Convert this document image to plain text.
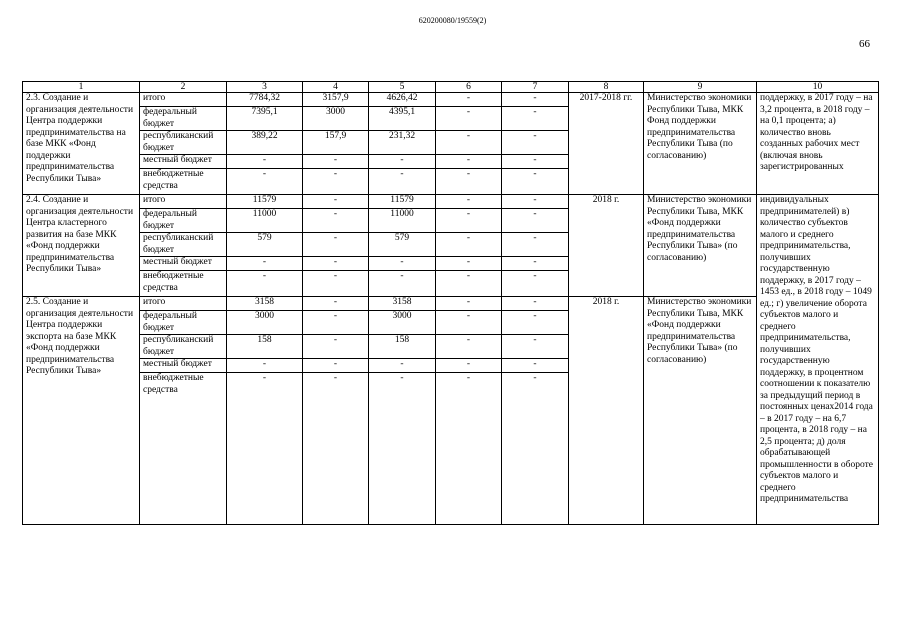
620200080/19559(2)
66
1	2	3	4	5	6	7	8	9	10
2.3. Создание и организация деятельности Центра поддержки предпринимательства на базе МКК «Фонд поддержки предпринимательства Республики Тыва»	итого	7784,32	3157,9	4626,42	-	-	2017-2018 гг.	Министерство экономики Республики Тыва, МКК Фонд поддержки предпринимательства Республики Тыва (по согласованию)	поддержку, в 2017 году – на 3,2 процента, в 2018 году – на 0,1 процента; а) количество вновь созданных рабочих мест (включая вновь зарегистрированных
	федеральный бюджет	7395,1	3000	4395,1	-	-			
	республиканский бюджет	389,22	157,9	231,32	-	-			
	местный бюджет	-	-	-	-	-			
	внебюджетные средства	-	-	-	-	-			
2.4. Создание и организация деятельности Центра кластерного развития на базе МКК «Фонд поддержки предпринимательства Республики Тыва»	итого	11579	-	11579	-	-	2018 г.	Министерство экономики Республики Тыва, МКК «Фонд поддержки предпринимательства Республики Тыва» (по согласованию)	индивидуальных предпринимателей) в) количество субъектов малого и среднего предпринимательства, получивших государственную поддержку, в 2017 году – 1453 ед., в 2018 году – 1049 ед.; г) увеличение оборота субъектов малого и среднего предпринимательства, получивших государственную поддержку, в процентном соотношении к показателю за предыдущий период в постоянных ценах2014 года – в 2017 году – на 6,7 процента, в 2018 году – на 2,5 процента; д) доля обрабатывающей промышленности в обороте субъектов малого и среднего предпринимательства
	федеральный бюджет	11000	-	11000	-	-			
	республиканский бюджет	579	-	579	-	-			
	местный бюджет	-	-	-	-	-			
	внебюджетные средства	-	-	-	-	-			
2.5. Создание и организация деятельности Центра поддержки экспорта на базе МКК «Фонд поддержки предпринимательства Республики Тыва»	итого	3158	-	3158	-	-	2018 г.	Министерство экономики Республики Тыва, МКК «Фонд поддержки предпринимательства Республики Тыва» (по согласованию)	
	федеральный бюджет	3000	-	3000	-	-			
	республиканский бюджет	158	-	158	-	-			
	местный бюджет	-	-	-	-	-			
	внебюджетные средства	-	-	-	-	-			
